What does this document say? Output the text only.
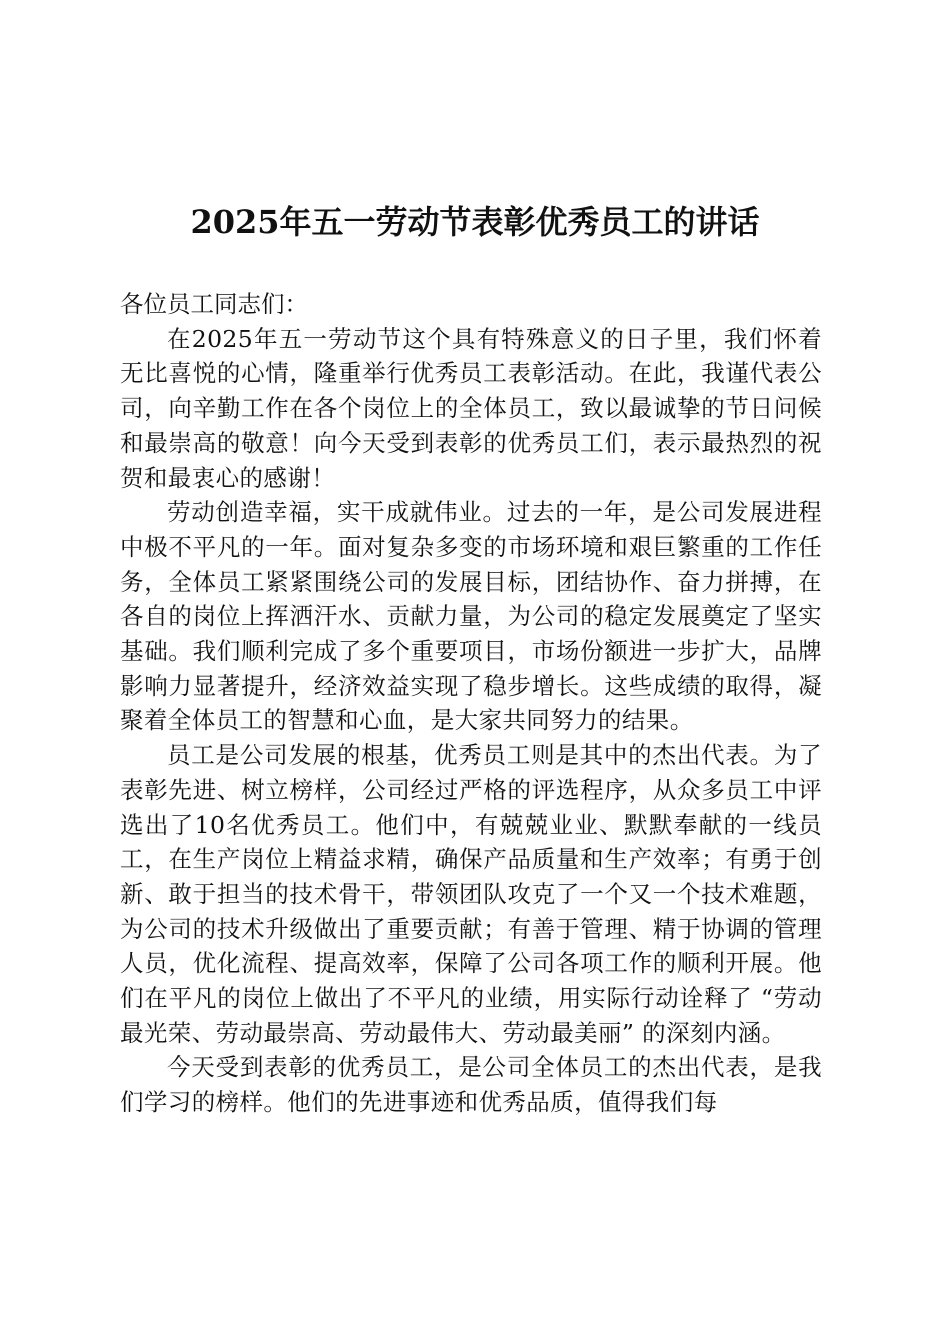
2025年五一劳动节表彰优秀员工的讲话

各位员工同志们：

在2025年五一劳动节这个具有特殊意义的日子里，我们怀着无比喜悦的心情，隆重举行优秀员工表彰活动。在此，我谨代表公司，向辛勤工作在各个岗位上的全体员工，致以最诚挚的节日问候和最崇高的敬意！向今天受到表彰的优秀员工们，表示最热烈的祝贺和最衷心的感谢！

劳动创造幸福，实干成就伟业。过去的一年，是公司发展进程中极不平凡的一年。面对复杂多变的市场环境和艰巨繁重的工作任务，全体员工紧紧围绕公司的发展目标，团结协作、奋力拼搏，在各自的岗位上挥洒汗水、贡献力量，为公司的稳定发展奠定了坚实基础。我们顺利完成了多个重要项目，市场份额进一步扩大，品牌影响力显著提升，经济效益实现了稳步增长。这些成绩的取得，凝聚着全体员工的智慧和心血，是大家共同努力的结果。

员工是公司发展的根基，优秀员工则是其中的杰出代表。为了表彰先进、树立榜样，公司经过严格的评选程序，从众多员工中评选出了10名优秀员工。他们中，有兢兢业业、默默奉献的一线员工，在生产岗位上精益求精，确保产品质量和生产效率；有勇于创新、敢于担当的技术骨干，带领团队攻克了一个又一个技术难题，为公司的技术升级做出了重要贡献；有善于管理、精于协调的管理人员，优化流程、提高效率，保障了公司各项工作的顺利开展。他们在平凡的岗位上做出了不平凡的业绩，用实际行动诠释了 “劳动最光荣、劳动最崇高、劳动最伟大、劳动最美丽” 的深刻内涵。

今天受到表彰的优秀员工，是公司全体员工的杰出代表，是我们学习的榜样。他们的先进事迹和优秀品质，值得我们每
